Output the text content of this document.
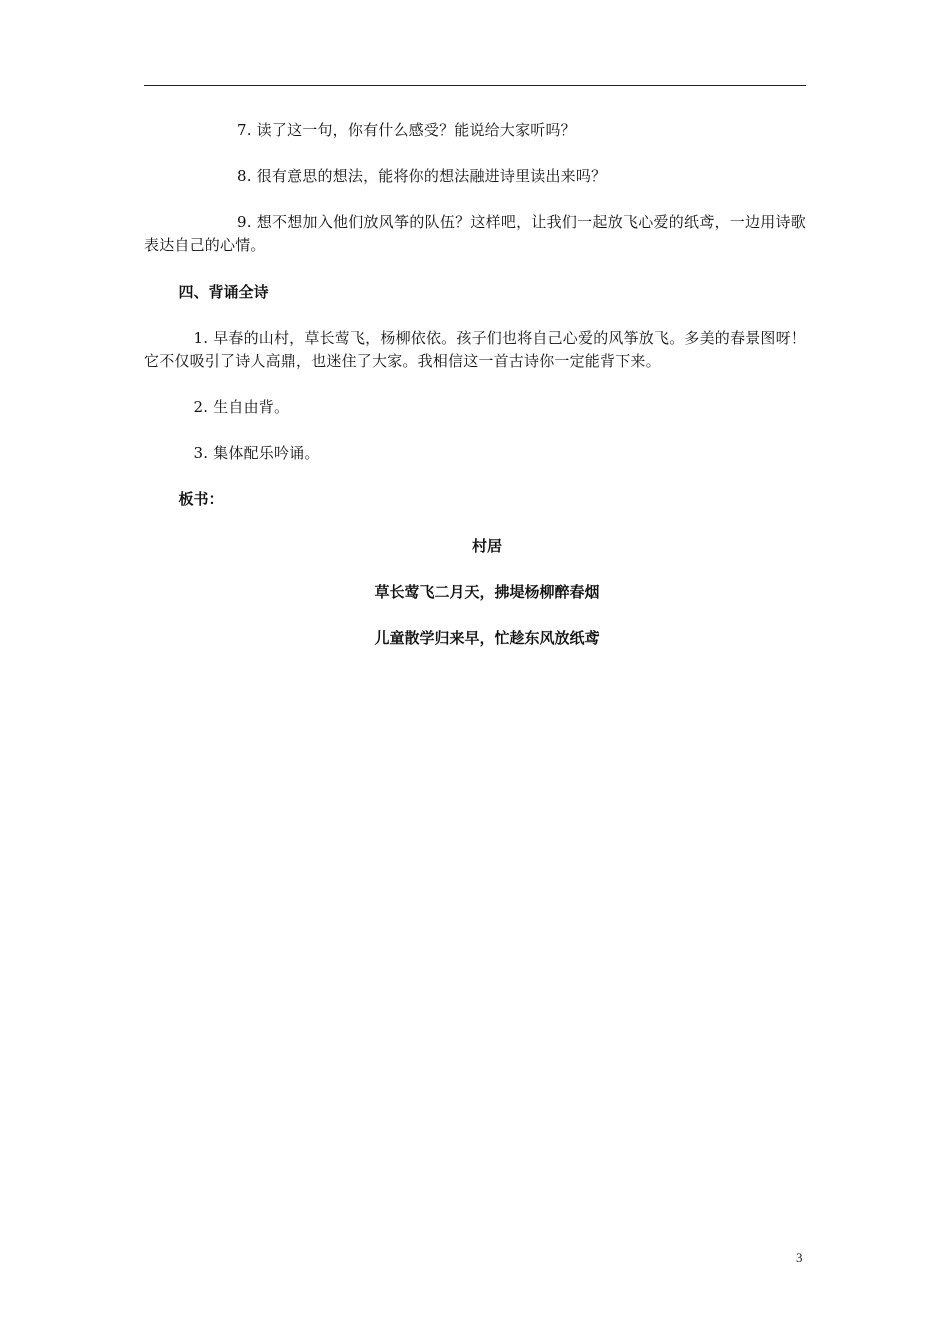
7. 读了这一句，你有什么感受？能说给大家听吗？

8. 很有意思的想法，能将你的想法融进诗里读出来吗？

9. 想不想加入他们放风筝的队伍？这样吧，让我们一起放飞心爱的纸鸢，一边用诗歌表达自己的心情。

四、背诵全诗

1. 早春的山村，草长莺飞，杨柳依依。孩子们也将自己心爱的风筝放飞。多美的春景图呀！它不仅吸引了诗人高鼎，也迷住了大家。我相信这一首古诗你一定能背下来。

2. 生自由背。

3. 集体配乐吟诵。

板书：

村居

草长莺飞二月天，拂堤杨柳醉春烟

儿童散学归来早，忙趁东风放纸鸢

3
